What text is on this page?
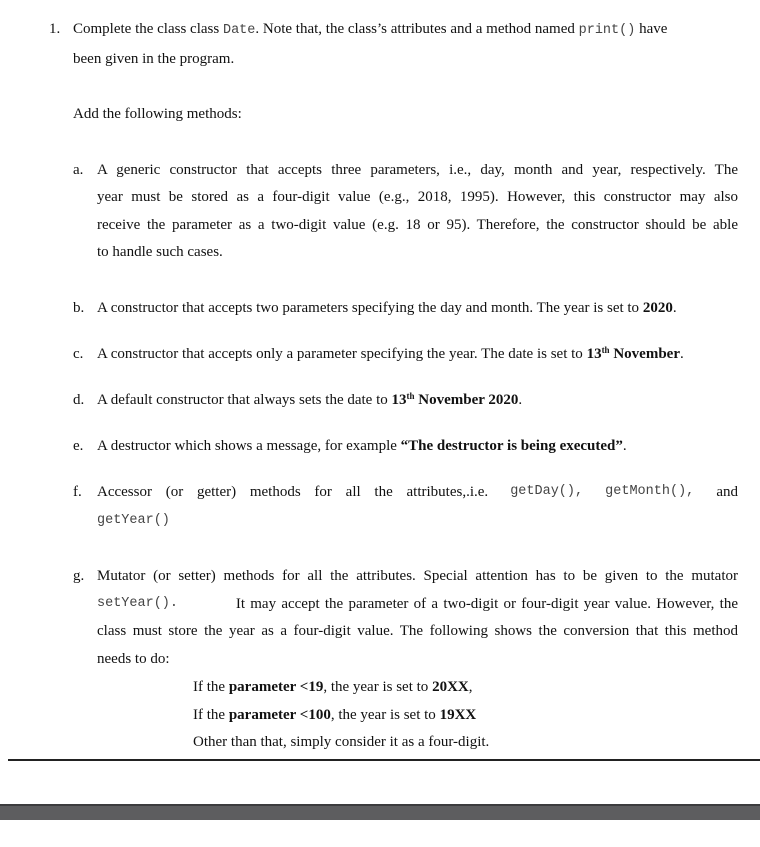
1. Complete the class class Date. Note that, the class’s attributes and a method named print() have
been given in the program.
Add the following methods:
a. A generic constructor that accepts three parameters, i.e., day, month and year, respectively. The
year must be stored as a four-digit value (e.g., 2018, 1995). However, this constructor may also
receive the parameter as a two-digit value (e.g. 18 or 95). Therefore, the constructor should be able
to handle such cases.
b. A constructor that accepts two parameters specifying the day and month. The year is set to 2020.
c. A constructor that accepts only a parameter specifying the year. The date is set to 13th November.
d. A default constructor that always sets the date to 13th November 2020.
e. A destructor which shows a message, for example “The destructor is being executed”.
f. Accessor (or getter) methods for all the attributes,.i.e. getDay(), getMonth(), and
getYear()
g. Mutator (or setter) methods for all the attributes. Special attention has to be given to the mutator
setYear().	It may accept the parameter of a two-digit or four-digit year value. However, the
class must store the year as a four-digit value. The following shows the conversion that this method
needs to do:
If the parameter <19, the year is set to 20XX,
If the parameter <100, the year is set to 19XX
Other than that, simply consider it as a four-digit.
